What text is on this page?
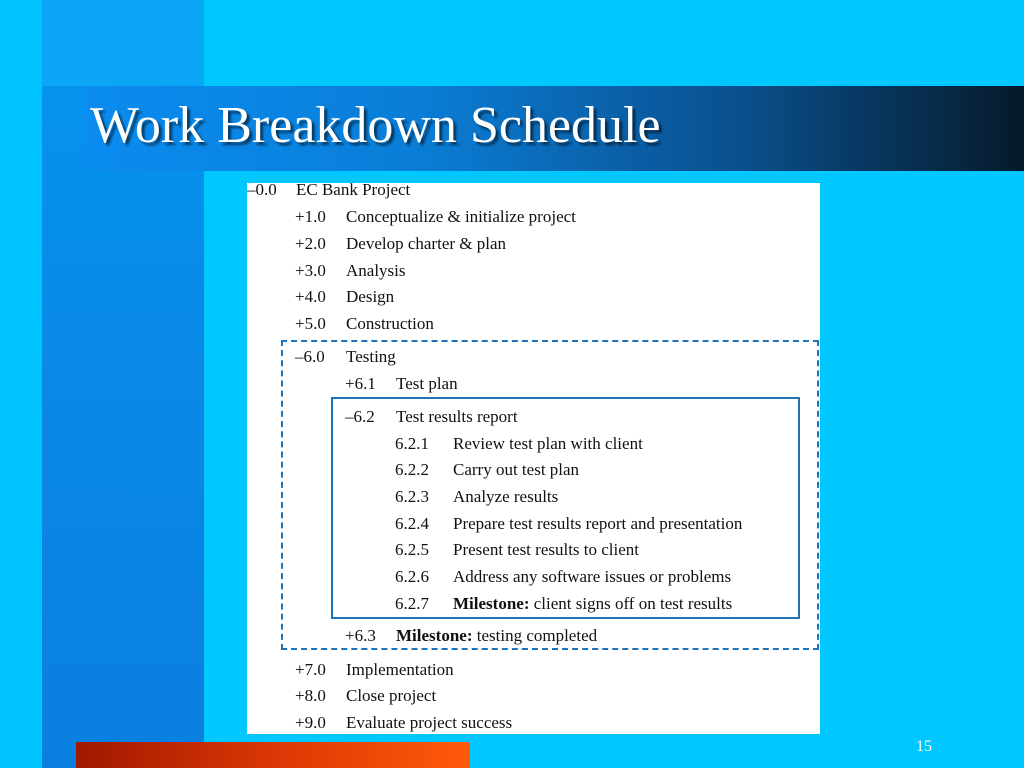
Work Breakdown Schedule
–0.0 EC Bank Project
+1.0 Conceptualize & initialize project
+2.0 Develop charter & plan
+3.0 Analysis
+4.0 Design
+5.0 Construction
–6.0 Testing
+6.1 Test plan
–6.2 Test results report
6.2.1 Review test plan with client
6.2.2 Carry out test plan
6.2.3 Analyze results
6.2.4 Prepare test results report and presentation
6.2.5 Present test results to client
6.2.6 Address any software issues or problems
6.2.7 Milestone: client signs off on test results
+6.3 Milestone: testing completed
+7.0 Implementation
+8.0 Close project
+9.0 Evaluate project success
15
